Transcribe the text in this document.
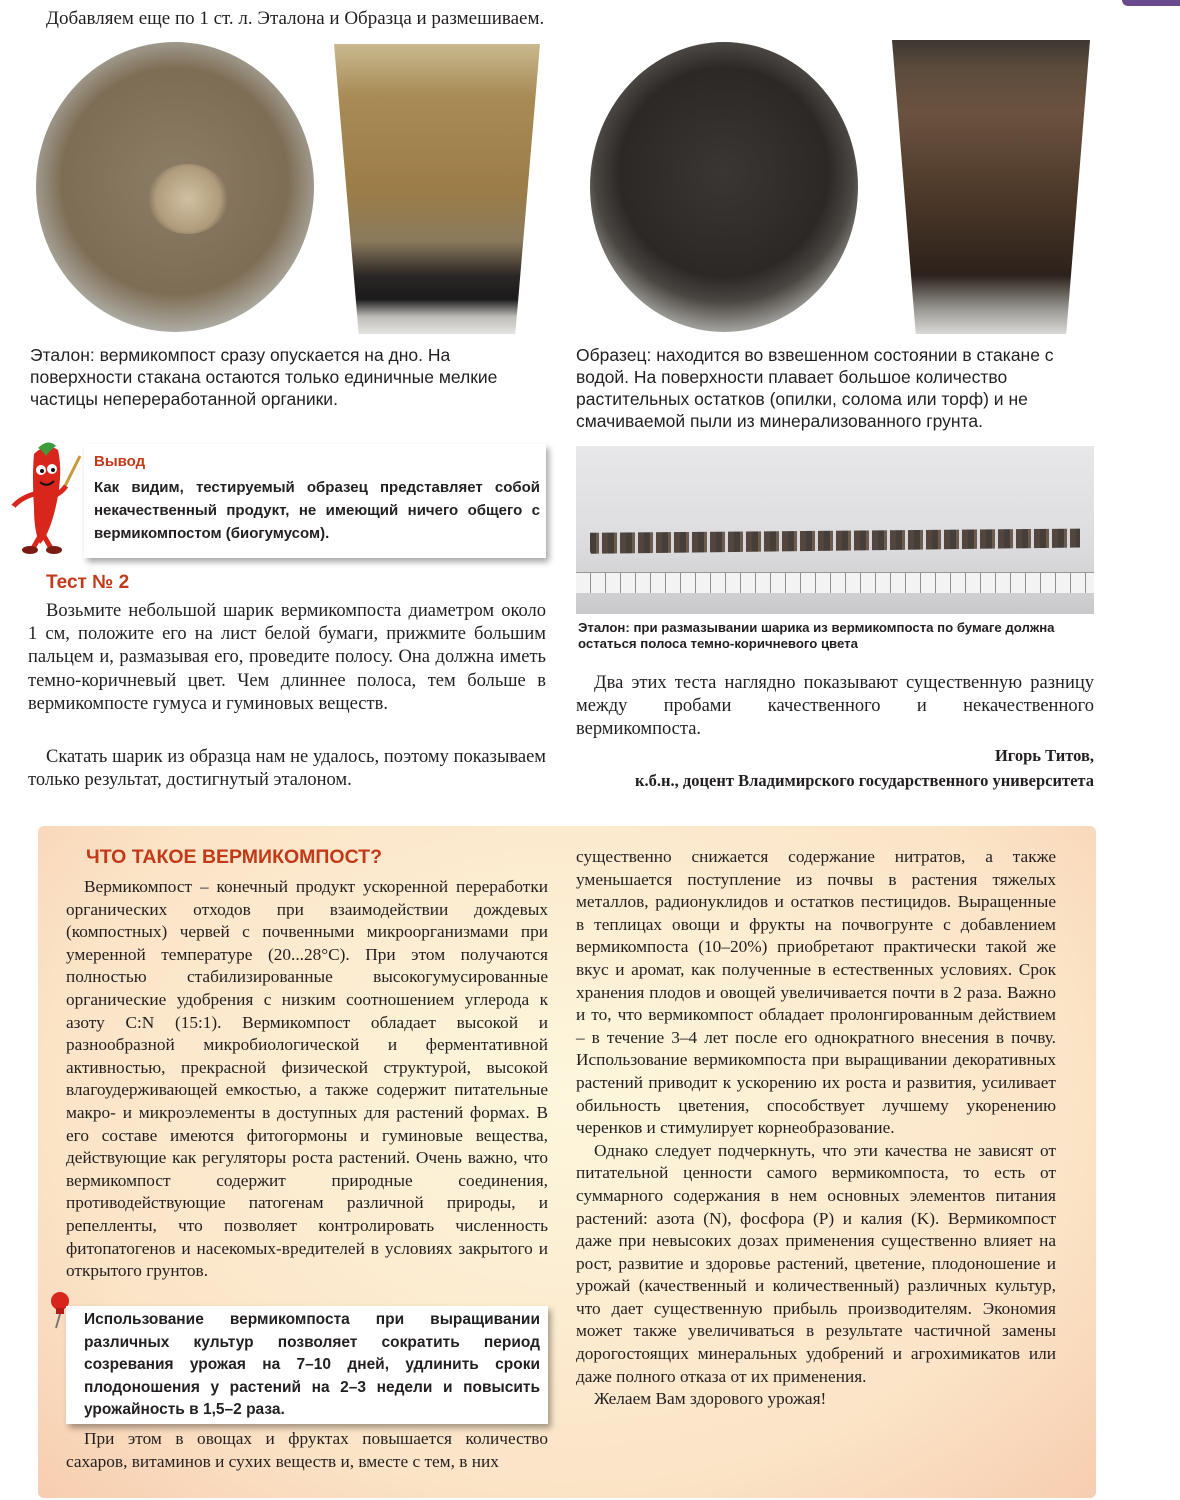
Добавляем еще по 1 ст. л. Эталона и Образца и размешиваем.
Эталон: вермикомпост сразу опускается на дно. На поверхности стакана остаются только единичные мелкие частицы непереработанной органики.
Образец: находится во взвешенном состоянии в стакане с водой. На поверхности плавает большое количество растительных остатков (опилки, солома или торф) и не смачиваемой пыли из минерализованного грунта.
Вывод
Как видим, тестируемый образец представляет собой некачественный продукт, не имеющий ничего общего с вермикомпостом (биогумусом).
Тест № 2

Возьмите небольшой шарик вермикомпоста диаметром около 1 см, положите его на лист белой бумаги, прижмите большим пальцем и, размазывая его, проведите полосу. Она должна иметь темно-коричневый цвет. Чем длиннее полоса, тем больше в вермикомпосте гумуса и гуминовых веществ.

Скатать шарик из образца нам не удалось, поэтому показываем только результат, достигнутый эталоном.

Эталон: при размазывании шарика из вермикомпоста по бумаге должна остаться полоса темно-коричневого цвета

Два этих теста наглядно показывают существенную разницу между пробами качественного и некачественного вермикомпоста.

Игорь Титов,
к.б.н., доцент Владимирского государственного университета
ЧТО ТАКОЕ ВЕРМИКОМПОСТ?

Вермикомпост – конечный продукт ускоренной переработки органических отходов при взаимодействии дождевых (компостных) червей с почвенными микроорганизмами при умеренной температуре (20...28°С). При этом получаются полностью стабилизированные высокогумусированные органические удобрения с низким соотношением углерода к азоту C:N (15:1). Вермикомпост обладает высокой и разнообразной микробиологической и ферментативной активностью, прекрасной физической структурой, высокой влагоудерживающей емкостью, а также содержит питательные макро- и микроэлементы в доступных для растений формах. В его составе имеются фитогормоны и гуминовые вещества, действующие как регуляторы роста растений. Очень важно, что вермикомпост содержит природные соединения, противодействующие патогенам различной природы, и репелленты, что позволяет контролировать численность фитопатогенов и насекомых-вредителей в условиях закрытого и открытого грунтов.

Использование вермикомпоста при выращивании различных культур позволяет сократить период созревания урожая на 7–10 дней, удлинить сроки плодоношения у растений на 2–3 недели и повысить урожайность в 1,5–2 раза.

При этом в овощах и фруктах повышается количество сахаров, витаминов и сухих веществ и, вместе с тем, в них

существенно снижается содержание нитратов, а также уменьшается поступление из почвы в растения тяжелых металлов, радионуклидов и остатков пестицидов. Выращенные в теплицах овощи и фрукты на почвогрунте с добавлением вермикомпоста (10–20%) приобретают практически такой же вкус и аромат, как полученные в естественных условиях. Срок хранения плодов и овощей увеличивается почти в 2 раза. Важно и то, что вермикомпост обладает пролонгированным действием – в течение 3–4 лет после его однократного внесения в почву. Использование вермикомпоста при выращивании декоративных растений приводит к ускорению их роста и развития, усиливает обильность цветения, способствует лучшему укоренению черенков и стимулирует корнеобразование.

Однако следует подчеркнуть, что эти качества не зависят от питательной ценности самого вермикомпоста, то есть от суммарного содержания в нем основных элементов питания растений: азота (N), фосфора (P) и калия (K). Вермикомпост даже при невысоких дозах применения существенно влияет на рост, развитие и здоровье растений, цветение, плодоношение и урожай (качественный и количественный) различных культур, что дает существенную прибыль производителям. Экономия может также увеличиваться в результате частичной замены дорогостоящих минеральных удобрений и агрохимикатов или даже полного отказа от их применения.

Желаем Вам здорового урожая!
